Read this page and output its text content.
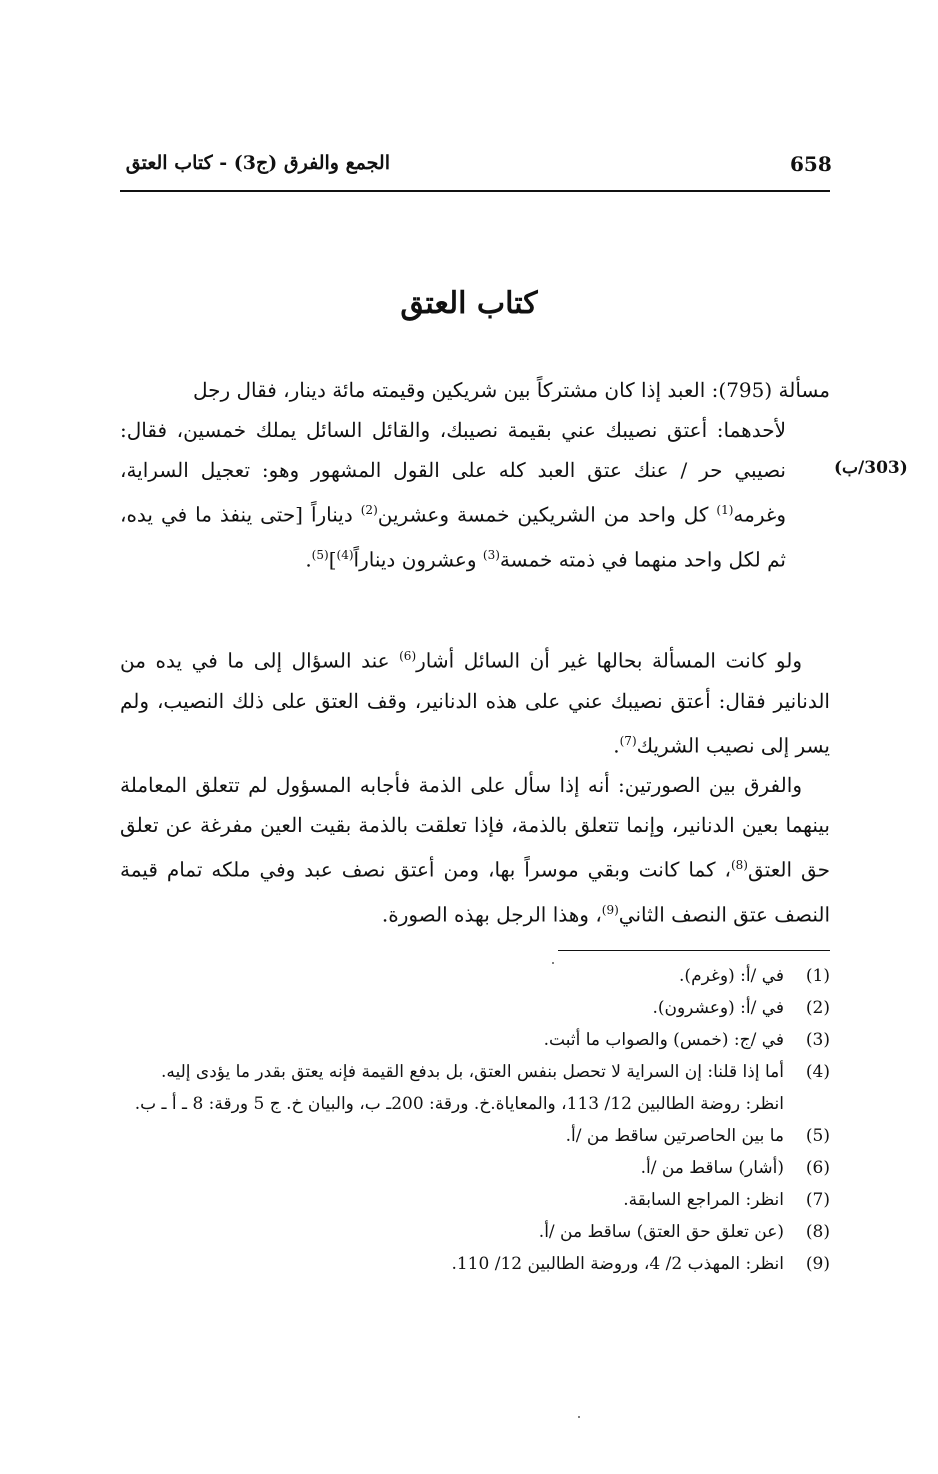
658
الجمع والفرق (ج3) - كتاب العتق
كتاب العتق
(303/ب)
مسألة (795): العبد إذا كان مشتركاً بين شريكين وقيمته مائة دينار، فقال رجل
لأحدهما: أعتق نصيبك عني بقيمة نصيبك، والقائل السائل يملك خمسين، فقال: نصيبي حر / عنك عتق العبد كله على القول المشهور وهو: تعجيل السراية، وغرمه$^{(1)}$ كل واحد من الشريكين خمسة وعشرين$^{(2)}$ ديناراً [حتى ينفذ ما في يده، ثم لكل واحد منهما في ذمته خمسة$^{(3)}$ وعشرون ديناراً$^{(4)}$]$^{(5)}$.

ولو كانت المسألة بحالها غير أن السائل أشار$^{(6)}$ عند السؤال إلى ما في يده من الدنانير فقال: أعتق نصيبك عني على هذه الدنانير، وقف العتق على ذلك النصيب، ولم يسر إلى نصيب الشريك$^{(7)}$.

والفرق بين الصورتين: أنه إذا سأل على الذمة فأجابه المسؤول لم تتعلق المعاملة بينهما بعين الدنانير، وإنما تتعلق بالذمة، فإذا تعلقت بالذمة بقيت العين مفرغة عن تعلق حق العتق$^{(8)}$، كما كانت وبقي موسراً بها، ومن أعتق نصف عبد وفي ملكه تمام قيمة النصف عتق النصف الثاني$^{(9)}$، وهذا الرجل بهذه الصورة.

(1)
في /أ: (وغرم).
(2)
في /أ: (وعشرون).
(3)
في /ج: (خمس) والصواب ما أثبت.
(4)
أما إذا قلنا: إن السراية لا تحصل بنفس العتق، بل بدفع القيمة فإنه يعتق بقدر ما يؤدى إليه. انظر: روضة الطالبين 12/ 113، والمعاياة.خ. ورقة: 200ـ ب، والبيان خ. ج 5 ورقة: 8 ـ أ ـ ب.
(5)
ما بين الحاصرتين ساقط من /أ.
(6)
(أشار) ساقط من /أ.
(7)
انظر: المراجع السابقة.
(8)
(عن تعلق حق العتق) ساقط من /أ.
(9)
انظر: المهذب 2/ 4، وروضة الطالبين 12/ 110.
